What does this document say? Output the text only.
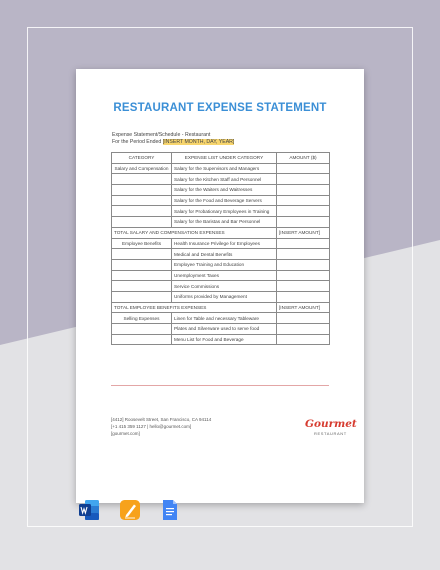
RESTAURANT EXPENSE STATEMENT
Expense Statement/Schedule - Restaurant
For the Period Ended [INSERT MONTH, DAY, YEAR]
CATEGORY	EXPENSE LIST UNDER CATEGORY	AMOUNT ($)
Salary and Compensation	Salary for the Supervisors and Managers	
	Salary for the Kitchen Staff and Personnel	
	Salary for the Waiters and Waitresses	
	Salary for the Food and Beverage Servers	
	Salary for Probationary Employees in Training	
	Salary for the Baristas and Bar Personnel	
TOTAL SALARY AND COMPENSATION EXPENSES		[INSERT AMOUNT]
Employee Benefits	Health Insurance Privilege for Employees	
	Medical and Dental Benefits	
	Employee Training and Education	
	Unemployment Taxes	
	Service Commissions	
	Uniforms provided by Management	
TOTAL EMPLOYEE BENEFITS EXPENSES		[INSERT AMOUNT]
Selling Expenses	Linen for Table and necessary Tableware	
	Plates and Silverware used to serve food	
	Menu List for Food and Beverage	
[4412] Roosevelt Street, San Francisco, CA 94114
[+1 415 359 1127 | hello@gourmet.com]
[gourmet.com]
Gourmet
RESTAURANT
